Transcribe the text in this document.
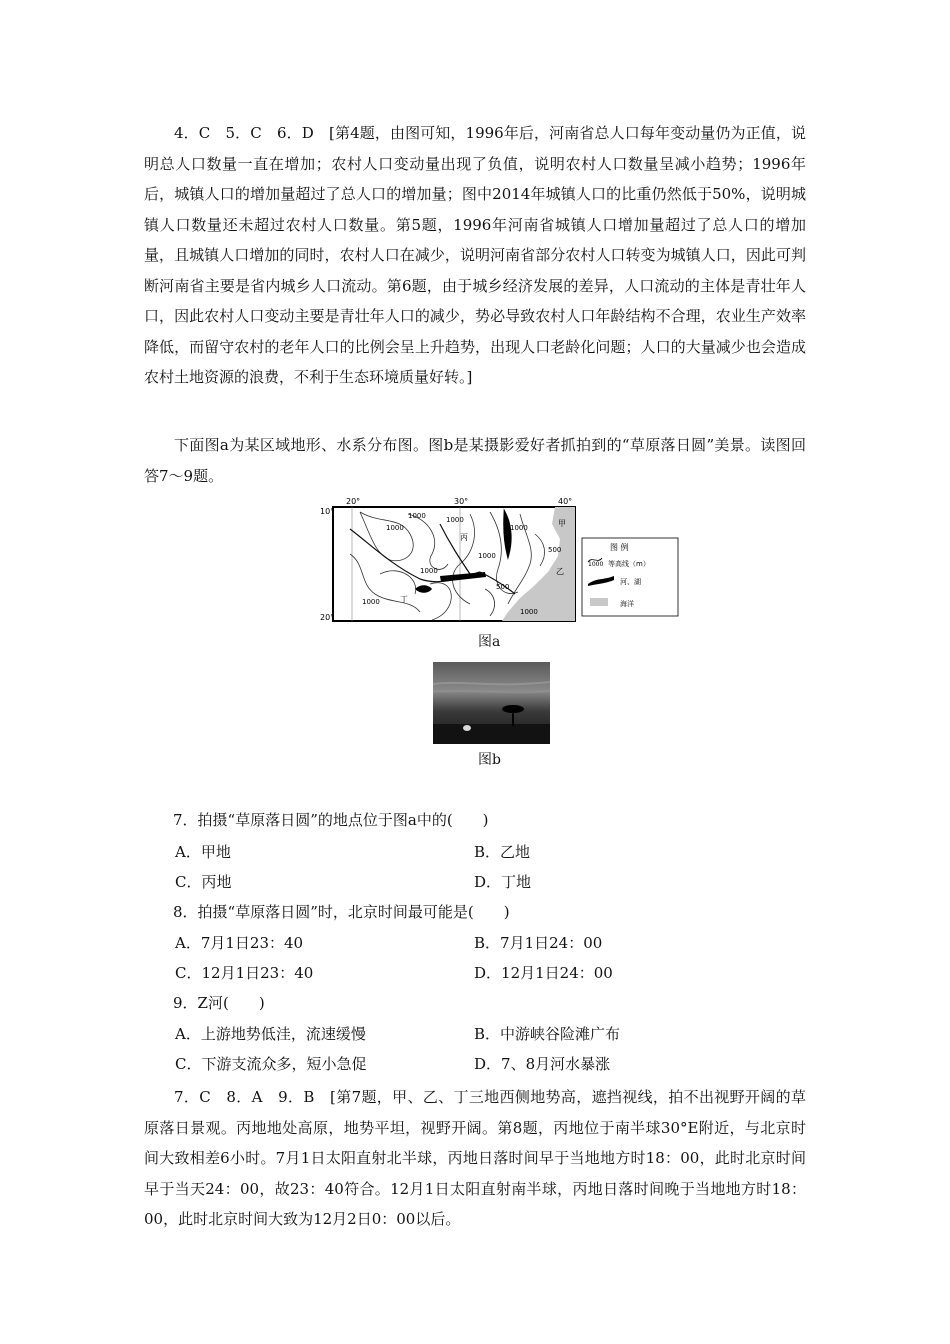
4．C　5．C　6．D　[第4题，由图可知，1996年后，河南省总人口每年变动量仍为正值，说明总人口数量一直在增加；农村人口变动量出现了负值，说明农村人口数量呈减小趋势；1996年后，城镇人口的增加量超过了总人口的增加量；图中2014年城镇人口的比重仍然低于50%，说明城镇人口数量还未超过农村人口数量。第5题，1996年河南省城镇人口增加量超过了总人口的增加量，且城镇人口增加的同时，农村人口在减少，说明河南省部分农村人口转变为城镇人口，因此可判断河南省主要是省内城乡人口流动。第6题，由于城乡经济发展的差异，人口流动的主体是青壮年人口，因此农村人口变动主要是青壮年人口的减少，势必导致农村人口年龄结构不合理，农业生产效率降低，而留守农村的老年人口的比例会呈上升趋势，出现人口老龄化问题；人口的大量减少也会造成农村土地资源的浪费，不利于生态环境质量好转。]

下面图a为某区域地形、水系分布图。图b是某摄影爱好者抓拍到的“草原落日圆”美景。读图回答7～9题。

10°
20°
20°	30°	40°
1000
1000	1000
1000
1000
500
500
1000
1000
1000
甲
乙
丙
丁
图 例
1000 等高线（m）
河、湖
海洋
图a
图b
7．拍摄“草原落日圆”的地点位于图a中的(　　)
A．甲地	B．乙地
C．丙地	D．丁地
8．拍摄“草原落日圆”时，北京时间最可能是(　　)
A．7月1日23：40	B．7月1日24：00
C．12月1日23：40	D．12月1日24：00
9．Z河(　　)
A．上游地势低洼，流速缓慢	B．中游峡谷险滩广布
C．下游支流众多，短小急促	D．7、8月河水暴涨

7．C　8．A　9．B　[第7题，甲、乙、丁三地西侧地势高，遮挡视线，拍不出视野开阔的草原落日景观。丙地地处高原，地势平坦，视野开阔。第8题，丙地位于南半球30°E附近，与北京时间大致相差6小时。7月1日太阳直射北半球，丙地日落时间早于当地地方时18：00，此时北京时间早于当天24：00，故23：40符合。12月1日太阳直射南半球，丙地日落时间晚于当地地方时18：00，此时北京时间大致为12月2日0：00以后。
